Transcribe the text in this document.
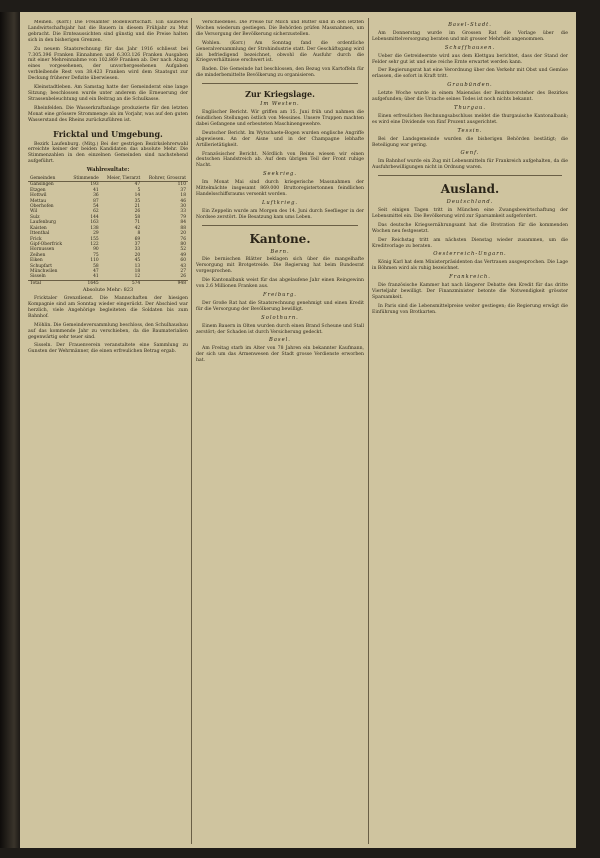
Meinen. (Korr.) Die Freiämter Bodenwirtschaft. Ein sauberes Landwirtschaftsjahr hat die Bauern in diesem Frühjahr zu Mut gebracht. Die Ernteaussichten sind günstig und die Preise halten sich in den bisherigen Grenzen.

Zu neuem Staatsrechnung für das Jahr 1916 schliesst bei 7.305.396 Franken Einnahmen und 6.303.126 Franken Ausgaben mit einer Mehreinnahme von 102.869 Franken ab. Der nach Abzug eines vorgesehenen, der unvorhergesehenen Aufgaben verbleibende Rest von 38.423 Franken wird dem Staatsgut zur Deckung früherer Defizite überwiesen.

Kleinstadtleben. Am Samstag hatte der Gemeinderat eine lange Sitzung; beschlossen wurde unter anderem die Erneuerung der Strassenbeleuchtung und ein Beitrag an die Schulkasse.

Rheinfelden. Die Wasserkraftanlage produzierte für den letzten Monat eine grössere Strommenge als im Vorjahr, was auf den guten Wasserstand des Rheins zurückzuführen ist.

Fricktal und Umgebung.

Bezirk Laufenburg. (Mitg.) Bei der gestrigen Bezirkslehrerwahl erreichte keiner der beiden Kandidaten das absolute Mehr. Die Stimmenzahlen in den einzelnen Gemeinden sind nachstehend aufgeführt.

Wahlresultate:
Gemeinden	Stimmende	Meier, Tierarzt	Rohrer, Grossrat
Gansingen	193	47	110
Etzgen	41	5	37
Hottwil	36	14	18
Mettau	87	35	46
Oberhofen	54	21	30
Wil	62	26	33
Sulz	144	58	79
Laufenburg	163	71	84
Kaisten	138	42	88
Ittenthal	29	8	20
Frick	155	69	76
Gipf-Oberfrick	122	37	80
Hornussen	90	33	52
Zeihen	75	20	49
Eiken	110	45	60
Schupfart	58	13	43
Münchwilen	47	18	27
Sisseln	41	12	26
Total	1645	574	948
Absolute Mehr: 823

Fricktaler Grenzdienst. Die Mannschaften der hiesigen Kompagnie sind am Sonntag wieder eingerückt. Der Abschied war herzlich, viele Angehörige begleiteten die Soldaten bis zum Bahnhof.

Möhlin. Die Gemeindeversammlung beschloss, den Schulhausbau auf das kommende Jahr zu verschieben, da die Baumaterialien gegenwärtig sehr teuer sind.

Sisseln. Der Frauenverein veranstaltete eine Sammlung zu Gunsten der Wehrmänner, die einen erfreulichen Betrag ergab.

Verschiedenes. Die Preise für Milch und Butter sind in den letzten Wochen wiederum gestiegen. Die Behörden prüfen Massnahmen, um die Versorgung der Bevölkerung sicherzustellen.

Wohlen. (Korr.) Am Sonntag fand die ordentliche Generalversammlung der Strohindustrie statt. Der Geschäftsgang wird als befriedigend bezeichnet, obwohl die Ausfuhr durch die Kriegsverhältnisse erschwert ist.

Baden. Die Gemeinde hat beschlossen, den Bezug von Kartoffeln für die minderbemittelte Bevölkerung zu organisieren.

Zur Kriegslage.
Im Westen.

Englischer Bericht. Wir griffen am 15. Juni früh und nahmen die feindlichen Stellungen östlich von Messines. Unsere Truppen machten dabei Gefangene und erbeuteten Maschinengewehre.

Deutscher Bericht. Im Wytschaete-Bogen wurden englische Angriffe abgewiesen. An der Aisne und in der Champagne lebhafte Artillerietätigkeit.

Französischer Bericht. Nördlich von Reims wiesen wir einen deutschen Handstreich ab. Auf dem übrigen Teil der Front ruhige Nacht.

Seekrieg.

Im Monat Mai sind durch kriegerische Massnahmen der Mittelmächte insgesamt 869.000 Bruttoregistertonnen feindlichen Handelsschiffsraums versenkt worden.

Luftkrieg.

Ein Zeppelin wurde am Morgen des 14. Juni durch Seeflieger in der Nordsee zerstört. Die Besatzung kam ums Leben.

Kantone.
Bern.

Die bernischen Blätter beklagen sich über die mangelhafte Versorgung mit Brotgetreide. Die Regierung hat beim Bundesrat vorgesprochen.

Die Kantonalbank weist für das abgelaufene Jahr einen Reingewinn von 2.6 Millionen Franken aus.

Freiburg.

Der Große Rat hat die Staatsrechnung genehmigt und einen Kredit für die Versorgung der Bevölkerung bewilligt.

Solothurn.

Einem Bauern in Olten wurden durch einen Brand Scheune und Stall zerstört; der Schaden ist durch Versicherung gedeckt.

Basel.

Am Freitag starb im Alter von 78 Jahren ein bekannter Kaufmann, der sich um das Armenwesen der Stadt grosse Verdienste erworben hat.

Basel-Stadt.

Am Donnerstag wurde im Grossen Rat die Vorlage über die Lebensmittelversorgung beraten und mit grosser Mehrheit angenommen.

Schaffhausen.

Ueber die Getreideernte wird aus dem Klettgau berichtet, dass der Stand der Felder sehr gut ist und eine reiche Ernte erwartet werden kann.

Der Regierungsrat hat eine Verordnung über den Verkehr mit Obst und Gemüse erlassen, die sofort in Kraft tritt.

Graubünden.

Letzte Woche wurde in einem Maiensäss der Bezirksvorsteher des Bezirkes aufgefunden; über die Ursache seines Todes ist noch nichts bekannt.

Thurgau.

Einen erfreulichen Rechnungsabschluss meldet die thurgauische Kantonalbank; es wird eine Dividende von fünf Prozent ausgerichtet.

Tessin.

Bei der Landsgemeinde wurden die bisherigen Behörden bestätigt; die Beteiligung war gering.

Genf.

Im Bahnhof wurde ein Zug mit Lebensmitteln für Frankreich aufgehalten, da die Ausfuhrbewilligungen nicht in Ordnung waren.

Ausland.
Deutschland.

Seit einigen Tagen tritt in München eine Zwangsbewirtschaftung der Lebensmittel ein. Die Bevölkerung wird zur Sparsamkeit aufgefordert.

Das deutsche Kriegsernährungsamt hat die Brotration für die kommenden Wochen neu festgesetzt.

Der Reichstag tritt am nächsten Dienstag wieder zusammen, um die Kreditvorlage zu beraten.

Oesterreich-Ungarn.

König Karl hat dem Ministerpräsidenten das Vertrauen ausgesprochen. Die Lage in Böhmen wird als ruhig bezeichnet.

Frankreich.

Die französische Kammer hat nach längerer Debatte den Kredit für das dritte Vierteljahr bewilligt. Der Finanzminister betonte die Notwendigkeit grösster Sparsamkeit.

In Paris sind die Lebensmittelpreise weiter gestiegen; die Regierung erwägt die Einführung von Brotkarten.
